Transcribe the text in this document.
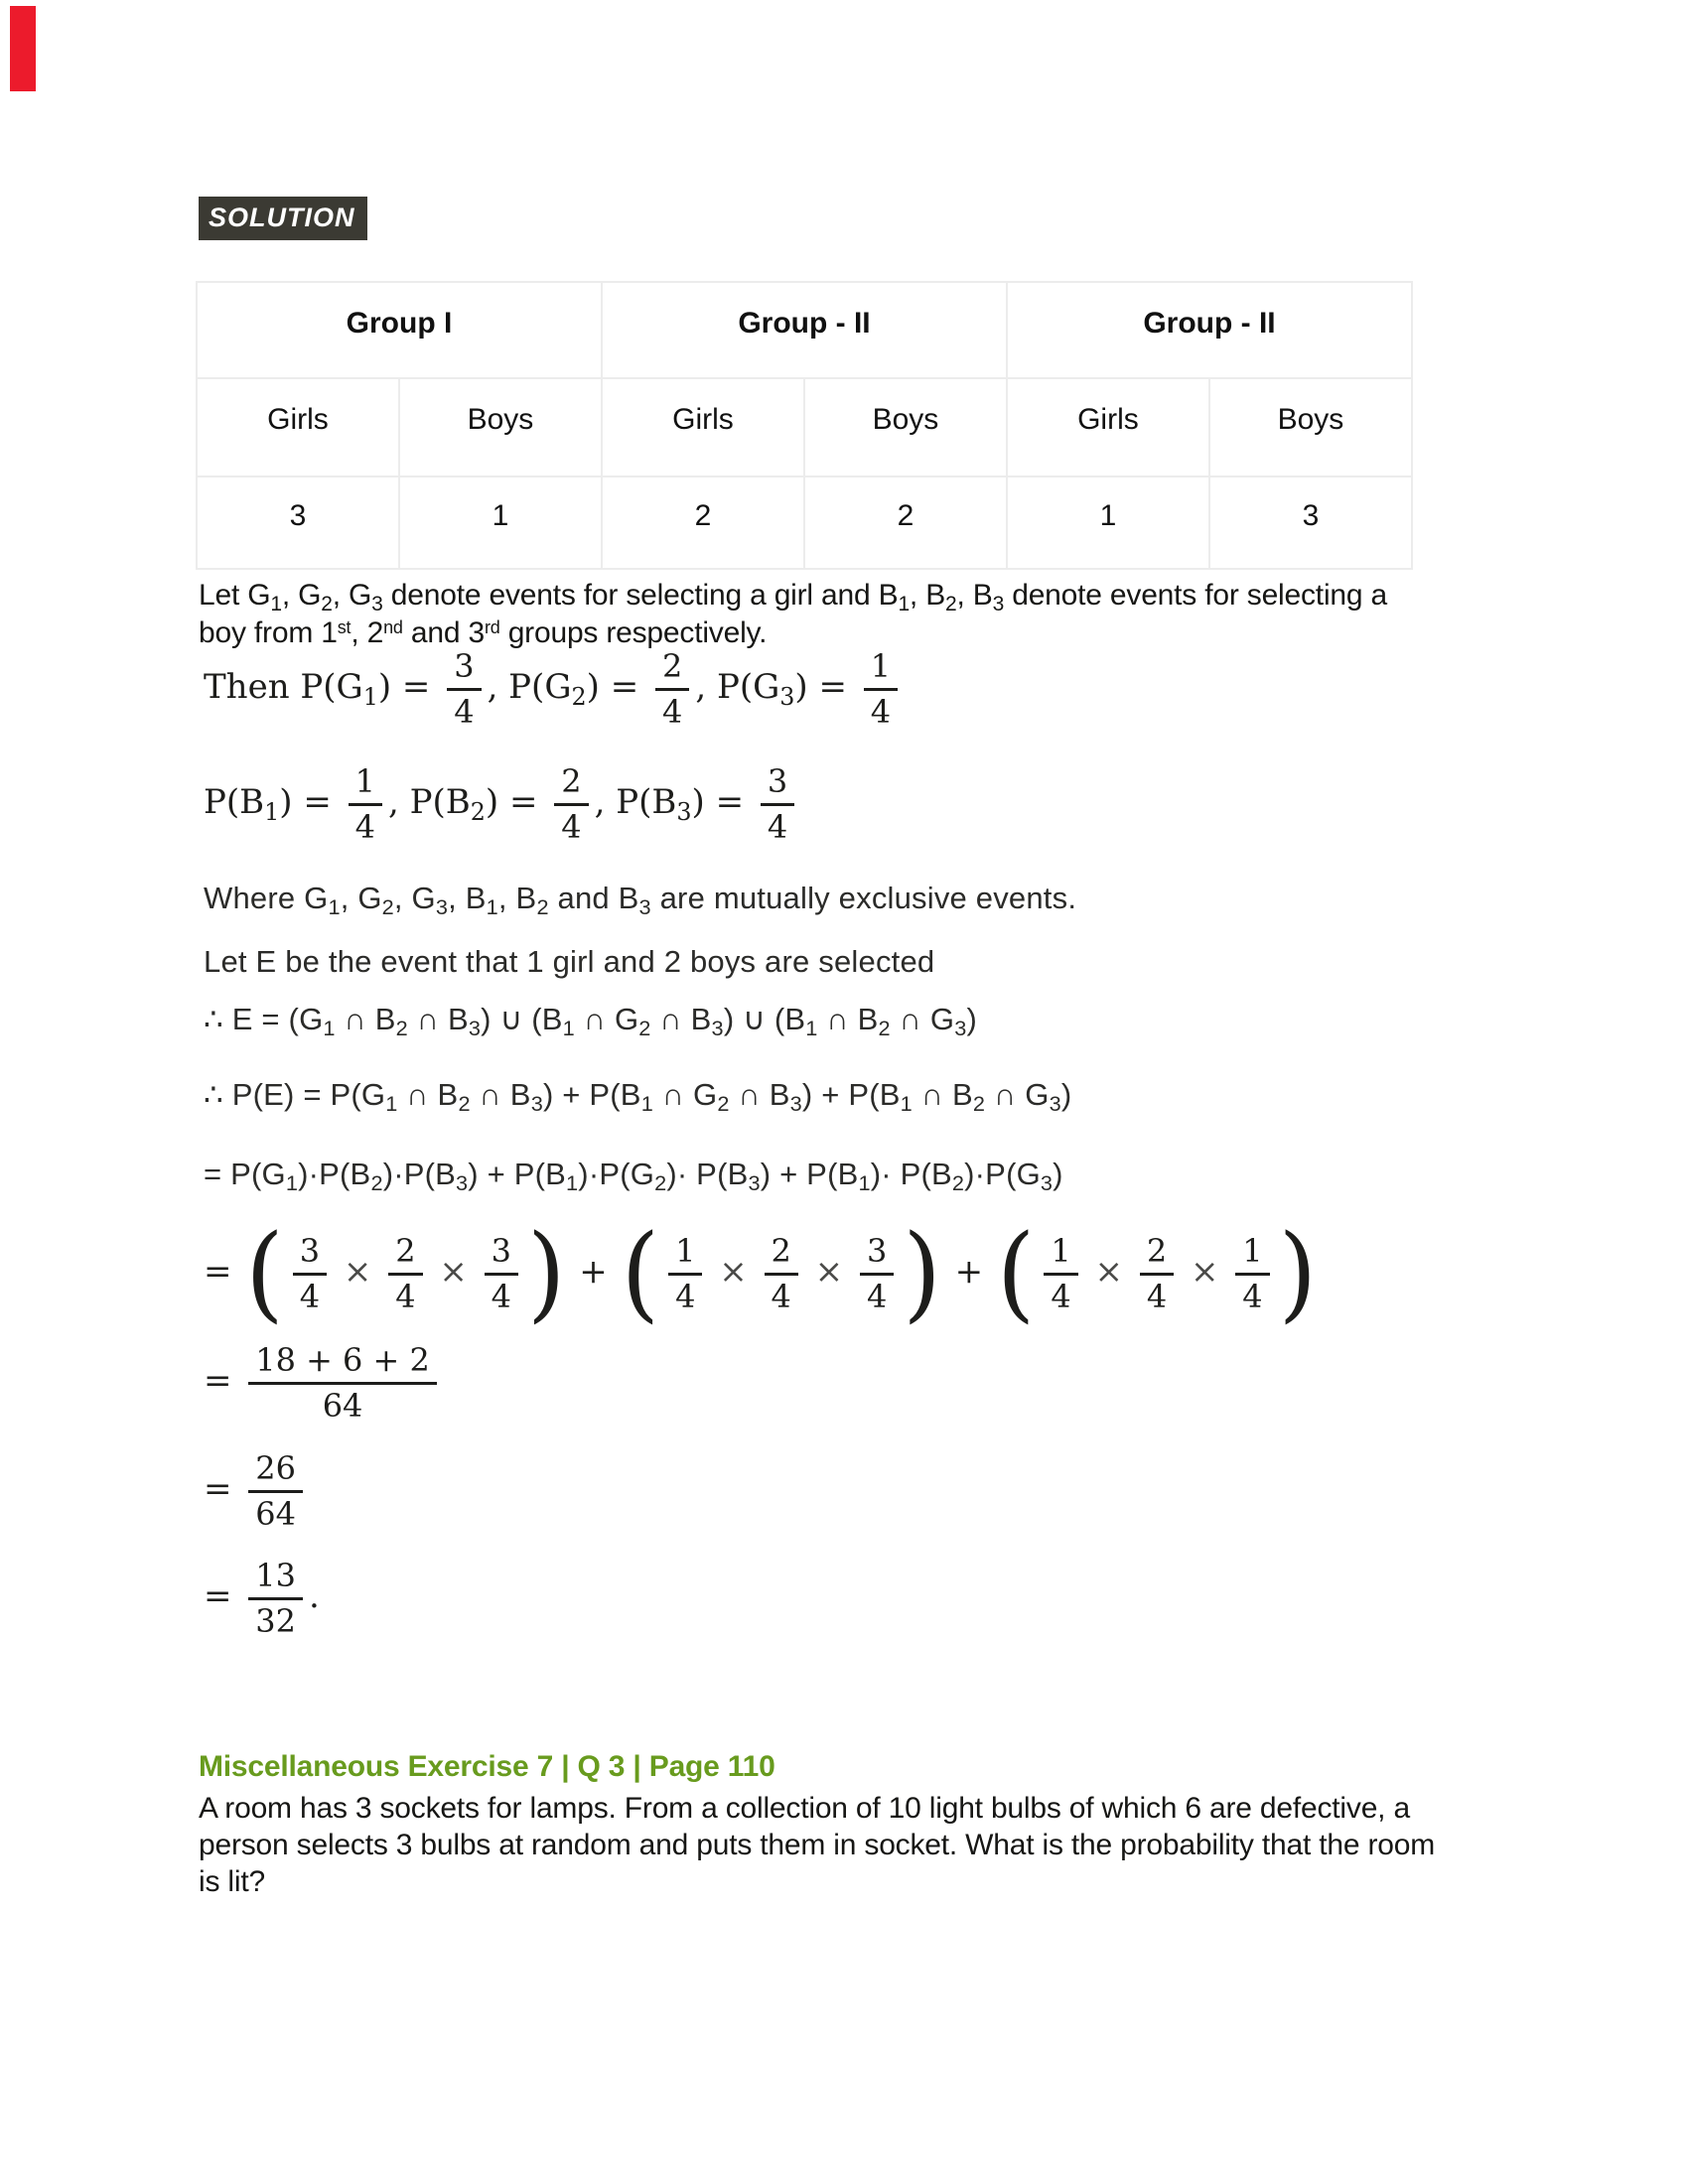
SOLUTION
Group I		Group - II		Group - II	
Girls	Boys	Girls	Boys	Girls	Boys
3	1	2	2	1	3

Let $G_1$, $G_2$, $G_3$ denote events for selecting a girl and $B_1$, $B_2$, $B_3$ denote events for selecting a boy from 1st, 2nd and 3rd groups respectively.

Then $P(G_1) = \frac{3}{4}$ , $P(G_2) = \frac{2}{4}$ , $P(G_3) = \frac{1}{4}$
$P(B_1) = \frac{1}{4}$ , $P(B_2) = \frac{2}{4}$ , $P(B_3) = \frac{3}{4}$
Where $G_1$, $G_2$, $G_3$, $B_1$, $B_2$ and $B_3$ are mutually exclusive events.
Let E be the event that 1 girl and 2 boys are selected
∴ $E = (G_1$ ∩ $B_2$ ∩ $B_3$) ∪ ($B_1$ ∩ $G_2$ ∩ $B_3$) ∪ ($B_1$ ∩ $B_2$ ∩ $G_3$)
∴ $P(E) = P(G_1$ ∩ $B_2$ ∩ $B_3) + P(B_1$ ∩ $G_2$ ∩ $B_3) + P(B_1$ ∩ $B_2$ ∩ $G_3$)
= $P(G_1)\cdot P(B_2)\cdot P(B_3) + P(B_1)\cdot P(G_2)\cdot P(B_3) + P(B_1)\cdot P(B_2)\cdot P(G_3)$
= ( $\frac{3}{4} \times \frac{2}{4} \times \frac{3}{4}$ ) + ( $\frac{1}{4} \times \frac{2}{4} \times \frac{3}{4}$ ) + ( $\frac{1}{4} \times \frac{2}{4} \times \frac{1}{4}$ )
= $\frac{18 + 6 + 2}{64}$
= $\frac{26}{64}$
= $\frac{13}{32}$ .

Miscellaneous Exercise 7 | Q 3 | Page 110

A room has 3 sockets for lamps. From a collection of 10 light bulbs of which 6 are defective, a person selects 3 bulbs at random and puts them in socket. What is the probability that the room is lit?
